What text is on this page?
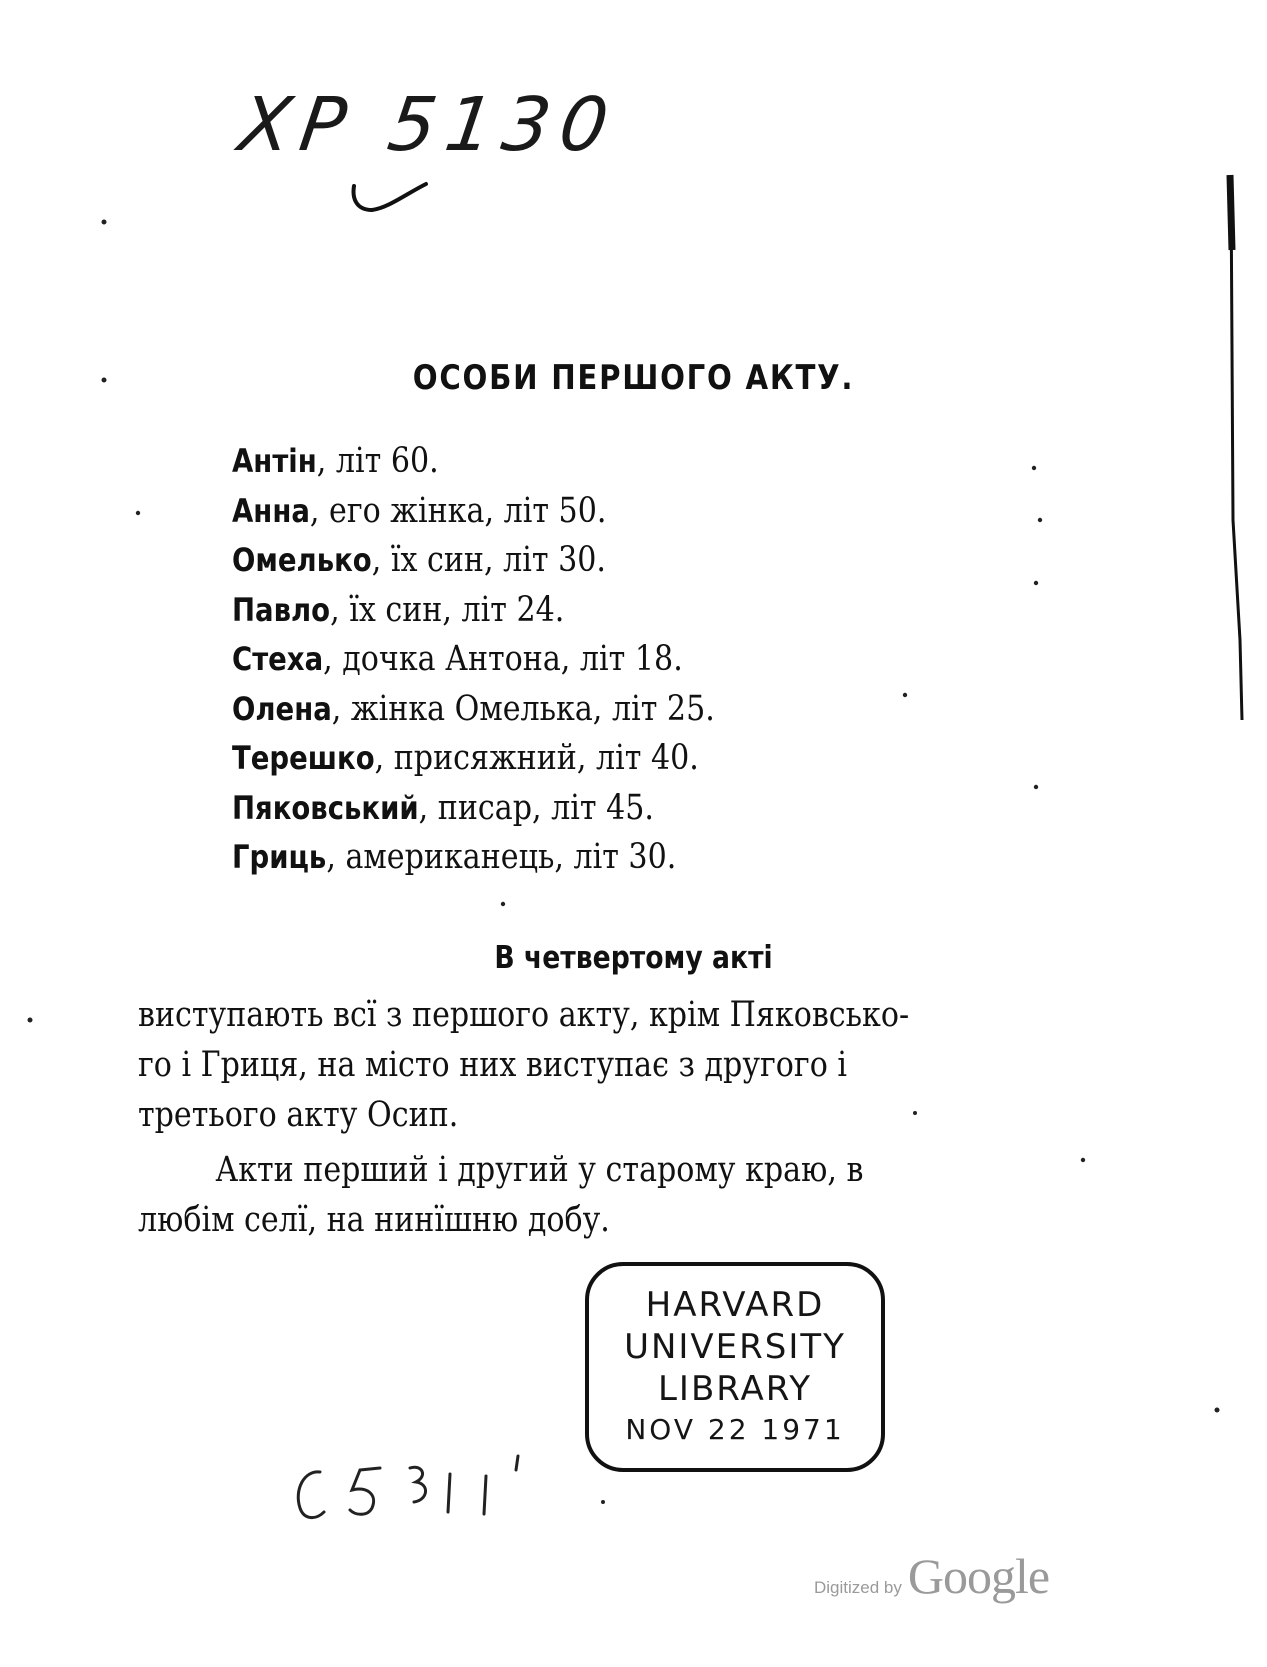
XP 5130
ОСОБИ ПЕРШОГО АКТУ.
Антін, літ 60.
Анна, его жінка, літ 50.
Омелько, їх син, літ 30.
Павло, їх син, літ 24.
Стеха, дочка Антона, літ 18.
Олена, жінка Омелька, літ 25.
Терешко, присяжний, літ 40.
Пяковський, писар, літ 45.
Гриць, американець, літ 30.
В четвертому акті
виступають всї з першого акту, крім Пяковсько-
го і Гриця, на місто них виступає з другого і
третього акту Осип.
Акти перший і другий у старому краю, в
любім селї, на нинїшню добу.
HARVARD
UNIVERSITY
LIBRARY
NOV 22 1971
Digitized by Google
